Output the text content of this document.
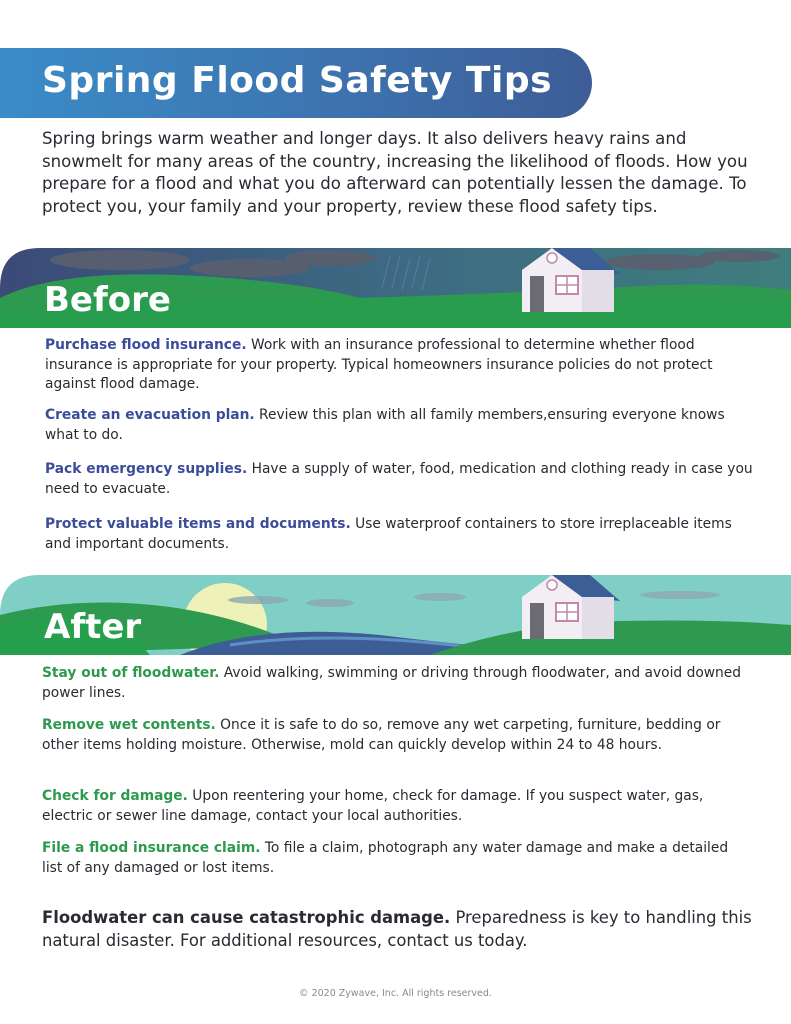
Spring Flood Safety Tips

Spring brings warm weather and longer days. It also delivers heavy rains and snowmelt for many areas of the country, increasing the likelihood of floods. How you prepare for a flood and what you do afterward can potentially lessen the damage. To protect you, your family and your property, review these flood safety tips.

Before

Purchase flood insurance. Work with an insurance professional to determine whether flood insurance is appropriate for your property. Typical homeowners insurance policies do not protect against flood damage.

Create an evacuation plan. Review this plan with all family members,ensuring everyone knows what to do.

Pack emergency supplies. Have a supply of water, food, medication and clothing ready in case you need to evacuate.

Protect valuable items and documents. Use waterproof containers to store irreplaceable items and important documents.

After

Stay out of floodwater. Avoid walking, swimming or driving through floodwater, and avoid downed power lines.

Remove wet contents. Once it is safe to do so, remove any wet carpeting, furniture, bedding or other items holding moisture. Otherwise, mold can quickly develop within 24 to 48 hours.

Check for damage. Upon reentering your home, check for damage. If you suspect water, gas, electric or sewer line damage, contact your local authorities.

File a flood insurance claim. To file a claim, photograph any water damage and make a detailed list of any damaged or lost items.

Floodwater can cause catastrophic damage. Preparedness is key to handling this natural disaster. For additional resources, contact us today.

© 2020 Zywave, Inc. All rights reserved.
